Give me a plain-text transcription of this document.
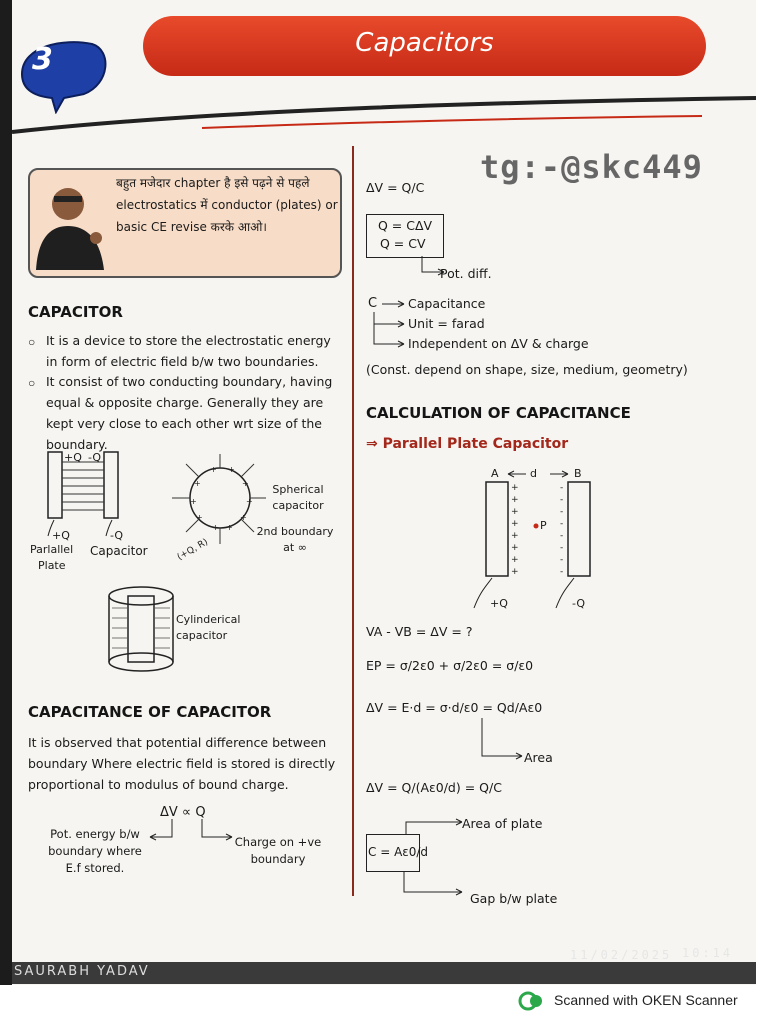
3	Capacitors
tg:-@skc449
बहुत मजेदार chapter है इसे पढ़ने से पहले electrostatics में conductor (plates) or basic CE revise करके आओ।
CAPACITOR
○ It is a device to store the electrostatic energy in form of electric field b/w two boundaries.
○ It consist of two conducting boundary, having equal & opposite charge. Generally they are kept very close to each other wrt size of the boundary.
+Q -Q
+Q	-Q
Parlallel
Plate
Capacitor
+ +
+	+
+	+
+	+
+ +
Spherical capacitor
2nd boundary at ∞
(+Q, R)
Cylinderical capacitor
CAPACITANCE OF CAPACITOR
It is observed that potential difference between boundary Where electric field is stored is directly proportional to modulus of bound charge.
ΔV ∝ Q
Pot. energy b/w boundary where E.f stored.
Charge on +ve boundary
ΔV = Q/C
Q = CΔV
Q = CV
Pot. diff.
C Capacitance
Unit = farad
Independent on ΔV & charge
(Const. depend on shape, size, medium, geometry)
CALCULATION OF CAPACITANCE
⇒ Parallel Plate Capacitor
+
+
+
+
+
+
+
+
-
-
-
-
-
-
-
-
A	d	B
P
+Q	-Q
VA - VB = ΔV = ?
EP = σ/2ε0 + σ/2ε0 = σ/ε0
ΔV = E·d = σ·d/ε0 = Qd/Aε0
Area
ΔV = Q/(Aε0/d) = Q/C
Area of plate
C = Aε0/d
Gap b/w plate
SAURABH YADAV
11/02/2025 10:14
Scanned with OKEN Scanner
